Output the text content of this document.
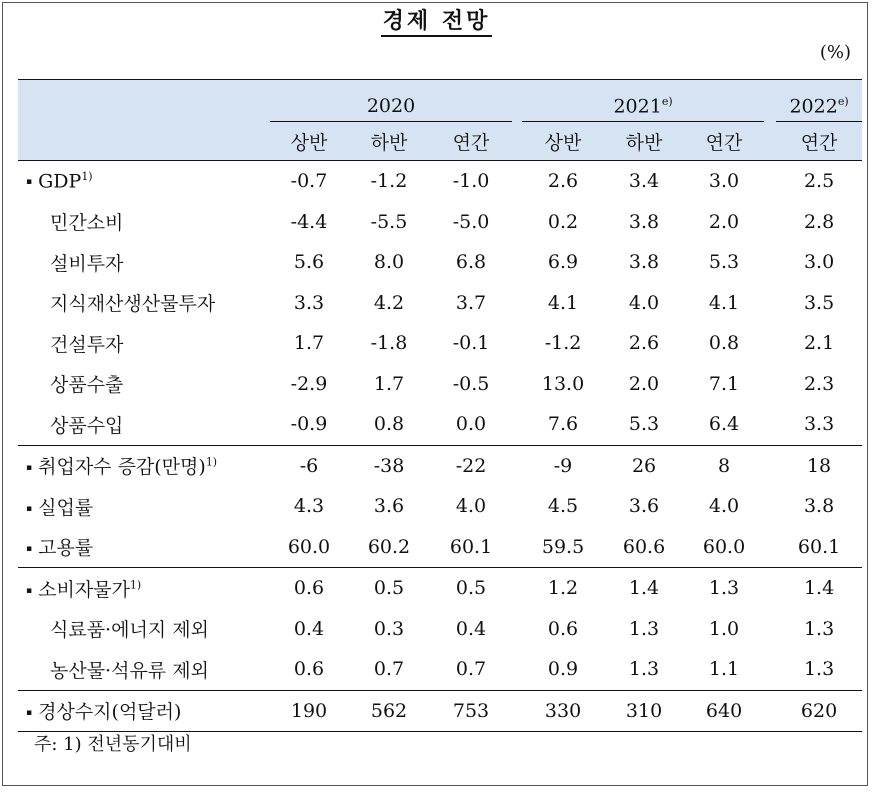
경제 전망
(%)
	2020				2021$^{e)}$				2022$^{e)}$
	상반	하반	연간		상반	하반	연간		연간
▪ GDP$^{1)}$	-0.7	-1.2	-1.0		2.6	3.4	3.0		2.5
민간소비	-4.4	-5.5	-5.0		0.2	3.8	2.0		2.8
설비투자	5.6	8.0	6.8		6.9	3.8	5.3		3.0
지식재산생산물투자	3.3	4.2	3.7		4.1	4.0	4.1		3.5
건설투자	1.7	-1.8	-0.1		-1.2	2.6	0.8		2.1
상품수출	-2.9	1.7	-0.5		13.0	2.0	7.1		2.3
상품수입	-0.9	0.8	0.0		7.6	5.3	6.4		3.3
▪ 취업자수 증감(만명)$^{1)}$	-6	-38	-22		-9	26	8		18
▪ 실업률	4.3	3.6	4.0		4.5	3.6	4.0		3.8
▪ 고용률	60.0	60.2	60.1		59.5	60.6	60.0		60.1
▪ 소비자물가$^{1)}$	0.6	0.5	0.5		1.2	1.4	1.3		1.4
식료품·에너지 제외	0.4	0.3	0.4		0.6	1.3	1.0		1.3
농산물·석유류 제외	0.6	0.7	0.7		0.9	1.3	1.1		1.3
▪ 경상수지(억달러)	190	562	753		330	310	640		620
주: 1) 전년동기대비
